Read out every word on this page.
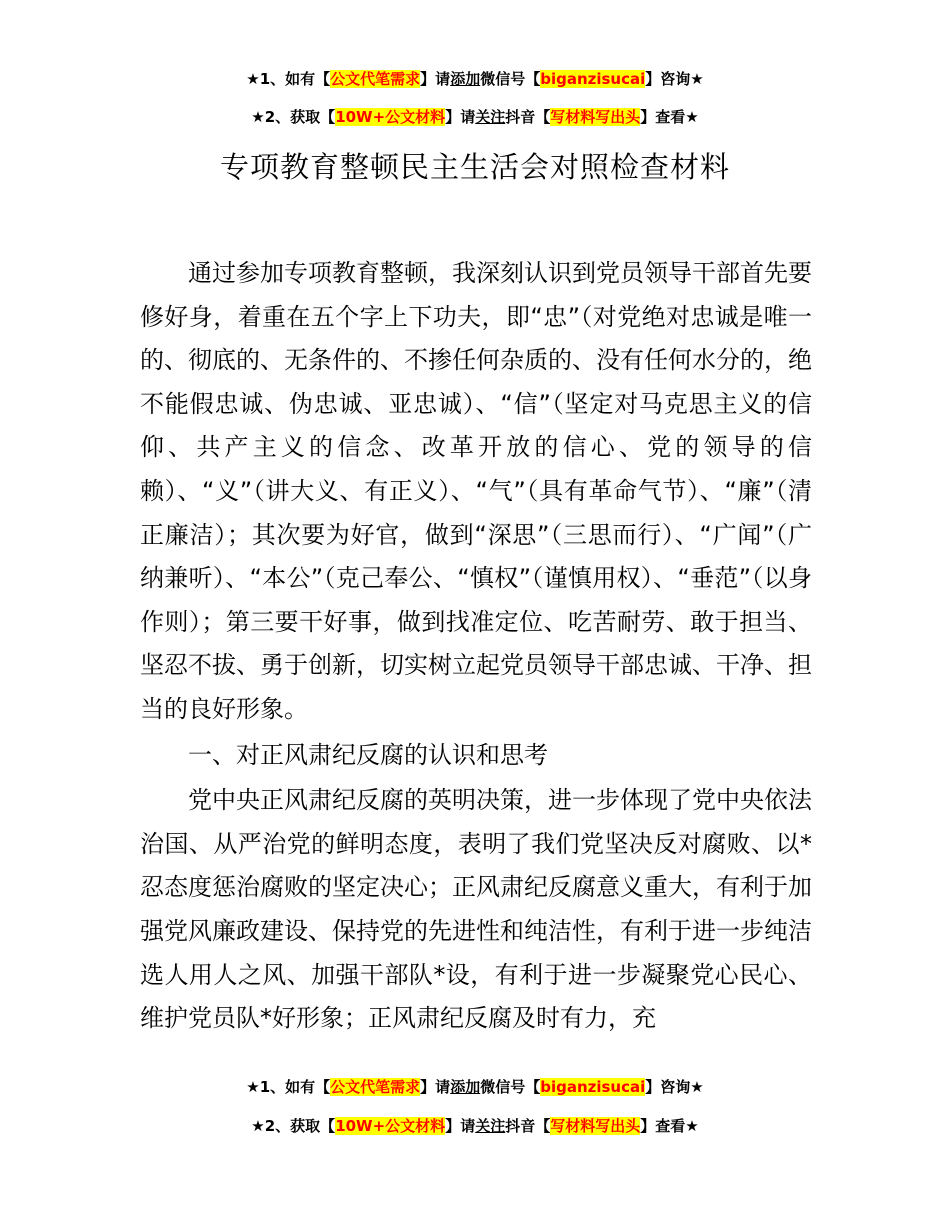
★1、如有【公文代笔需求】请添加微信号【biganzisucai】咨询★
★2、获取【10W+公文材料】请关注抖音【写材料写出头】查看★
专项教育整顿民主生活会对照检查材料

通过参加专项教育整顿，我深刻认识到党员领导干部首先要修好身，着重在五个字上下功夫，即“忠”（对党绝对忠诚是唯一的、彻底的、无条件的、不掺任何杂质的、没有任何水分的，绝不能假忠诚、伪忠诚、亚忠诚）、“信”（坚定对马克思主义的信仰、共产主义的信念、改革开放的信心、党的领导的信赖）、“义”（讲大义、有正义）、“气”（具有革命气节）、“廉”（清正廉洁）；其次要为好官，做到“深思”（三思而行）、“广闻”（广纳兼听）、“本公”（克己奉公、“慎权”（谨慎用权）、“垂范”（以身作则）；第三要干好事，做到找准定位、吃苦耐劳、敢于担当、坚忍不拔、勇于创新，切实树立起党员领导干部忠诚、干净、担当的良好形象。

一、对正风肃纪反腐的认识和思考

党中央正风肃纪反腐的英明决策，进一步体现了党中央依法治国、从严治党的鲜明态度，表明了我们党坚决反对腐败、以*忍态度惩治腐败的坚定决心；正风肃纪反腐意义重大，有利于加强党风廉政建设、保持党的先进性和纯洁性，有利于进一步纯洁选人用人之风、加强干部队*设，有利于进一步凝聚党心民心、维护党员队*好形象；正风肃纪反腐及时有力，充

★1、如有【公文代笔需求】请添加微信号【biganzisucai】咨询★
★2、获取【10W+公文材料】请关注抖音【写材料写出头】查看★
